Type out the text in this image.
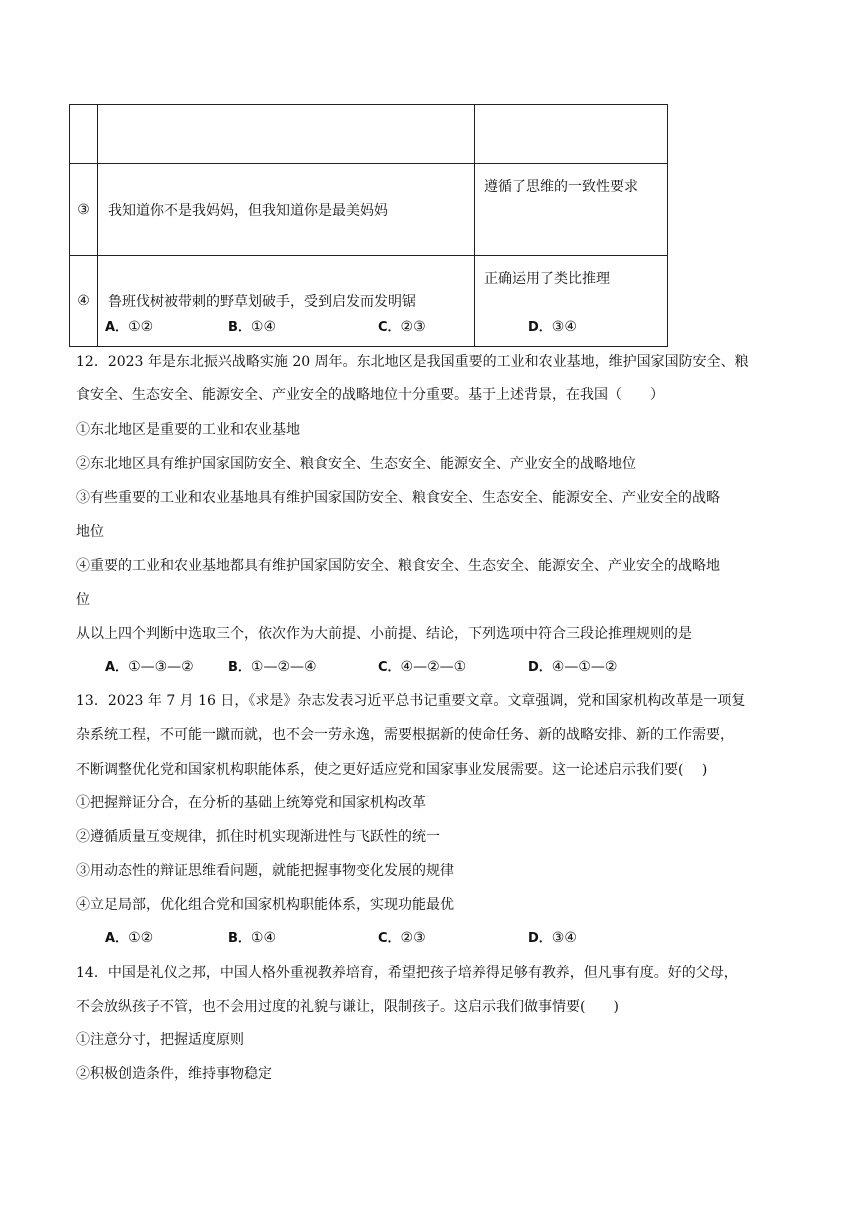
③	我知道你不是我妈妈，但我知道你是最美妈妈	遵循了思维的一致性要求
④	鲁班伐树被带刺的野草划破手，受到启发而发明锯	正确运用了类比推理
A．①②	B．①④	C．②③	D．③④
12．2023 年是东北振兴战略实施 20 周年。东北地区是我国重要的工业和农业基地，维护国家国防安全、粮
食安全、生态安全、能源安全、产业安全的战略地位十分重要。基于上述背景，在我国（　　）
①东北地区是重要的工业和农业基地
②东北地区具有维护国家国防安全、粮食安全、生态安全、能源安全、产业安全的战略地位
③有些重要的工业和农业基地具有维护国家国防安全、粮食安全、生态安全、能源安全、产业安全的战略
地位
④重要的工业和农业基地都具有维护国家国防安全、粮食安全、生态安全、能源安全、产业安全的战略地
位
从以上四个判断中选取三个，依次作为大前提、小前提、结论，下列选项中符合三段论推理规则的是
A．①—③—②	B．①—②—④	C．④—②—①	D．④—①—②
13．2023 年 7 月 16 日，《求是》杂志发表习近平总书记重要文章。文章强调，党和国家机构改革是一项复
杂系统工程，不可能一蹴而就，也不会一劳永逸，需要根据新的使命任务、新的战略安排、新的工作需要，
不断调整优化党和国家机构职能体系，使之更好适应党和国家事业发展需要。这一论述启示我们要(　 )
①把握辩证分合，在分析的基础上统筹党和国家机构改革
②遵循质量互变规律，抓住时机实现渐进性与飞跃性的统一
③用动态性的辩证思维看问题，就能把握事物变化发展的规律
④立足局部，优化组合党和国家机构职能体系，实现功能最优
A．①②	B．①④	C．②③	D．③④
14．中国是礼仪之邦，中国人格外重视教养培育，希望把孩子培养得足够有教养，但凡事有度。好的父母，
不会放纵孩子不管，也不会用过度的礼貌与谦让，限制孩子。这启示我们做事情要(　　)
①注意分寸，把握适度原则
②积极创造条件，维持事物稳定
